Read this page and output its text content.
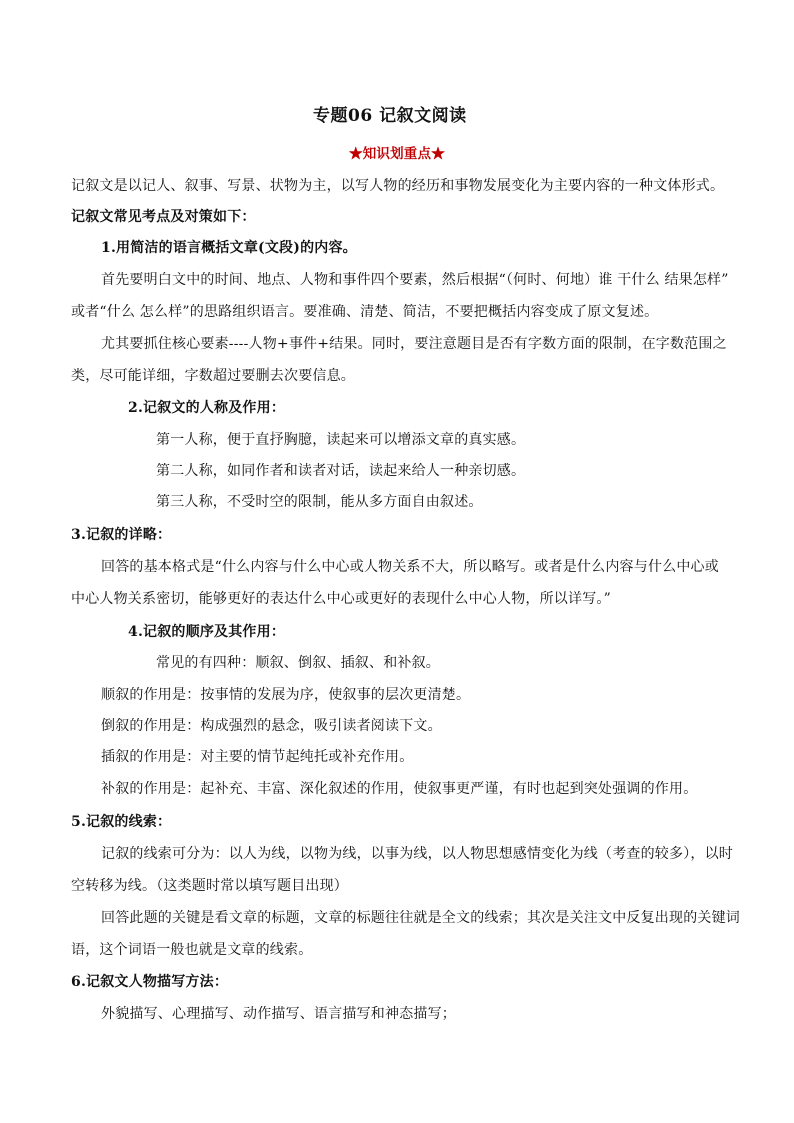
专题06 记叙文阅读
★知识划重点★
记叙文是以记人、叙事、写景、状物为主，以写人物的经历和事物发展变化为主要内容的一种文体形式。
记叙文常见考点及对策如下：
1.用简洁的语言概括文章(文段)的内容。
首先要明白文中的时间、地点、人物和事件四个要素，然后根据“（何时、何地）谁 干什么 结果怎样”
或者“什么 怎么样”的思路组织语言。要准确、清楚、简洁，不要把概括内容变成了原文复述。
尤其要抓住核心要素----人物+事件+结果。同时，要注意题目是否有字数方面的限制，在字数范围之
类，尽可能详细，字数超过要删去次要信息。
2.记叙文的人称及作用：
第一人称，便于直抒胸臆，读起来可以增添文章的真实感。
第二人称，如同作者和读者对话，读起来给人一种亲切感。
第三人称，不受时空的限制，能从多方面自由叙述。
3.记叙的详略：
回答的基本格式是“什么内容与什么中心或人物关系不大，所以略写。或者是什么内容与什么中心或
中心人物关系密切，能够更好的表达什么中心或更好的表现什么中心人物，所以详写。”
4.记叙的顺序及其作用：
常见的有四种：顺叙、倒叙、插叙、和补叙。
顺叙的作用是：按事情的发展为序，使叙事的层次更清楚。
倒叙的作用是：构成强烈的悬念，吸引读者阅读下文。
插叙的作用是：对主要的情节起纯托或补充作用。
补叙的作用是：起补充、丰富、深化叙述的作用，使叙事更严谨，有时也起到突处强调的作用。
5.记叙的线索：
记叙的线索可分为：以人为线，以物为线，以事为线，以人物思想感情变化为线（考查的较多），以时
空转移为线。（这类题时常以填写题目出现）
回答此题的关键是看文章的标题，文章的标题往往就是全文的线索；其次是关注文中反复出现的关键词
语，这个词语一般也就是文章的线索。
6.记叙文人物描写方法：
外貌描写、心理描写、动作描写、语言描写和神态描写；
